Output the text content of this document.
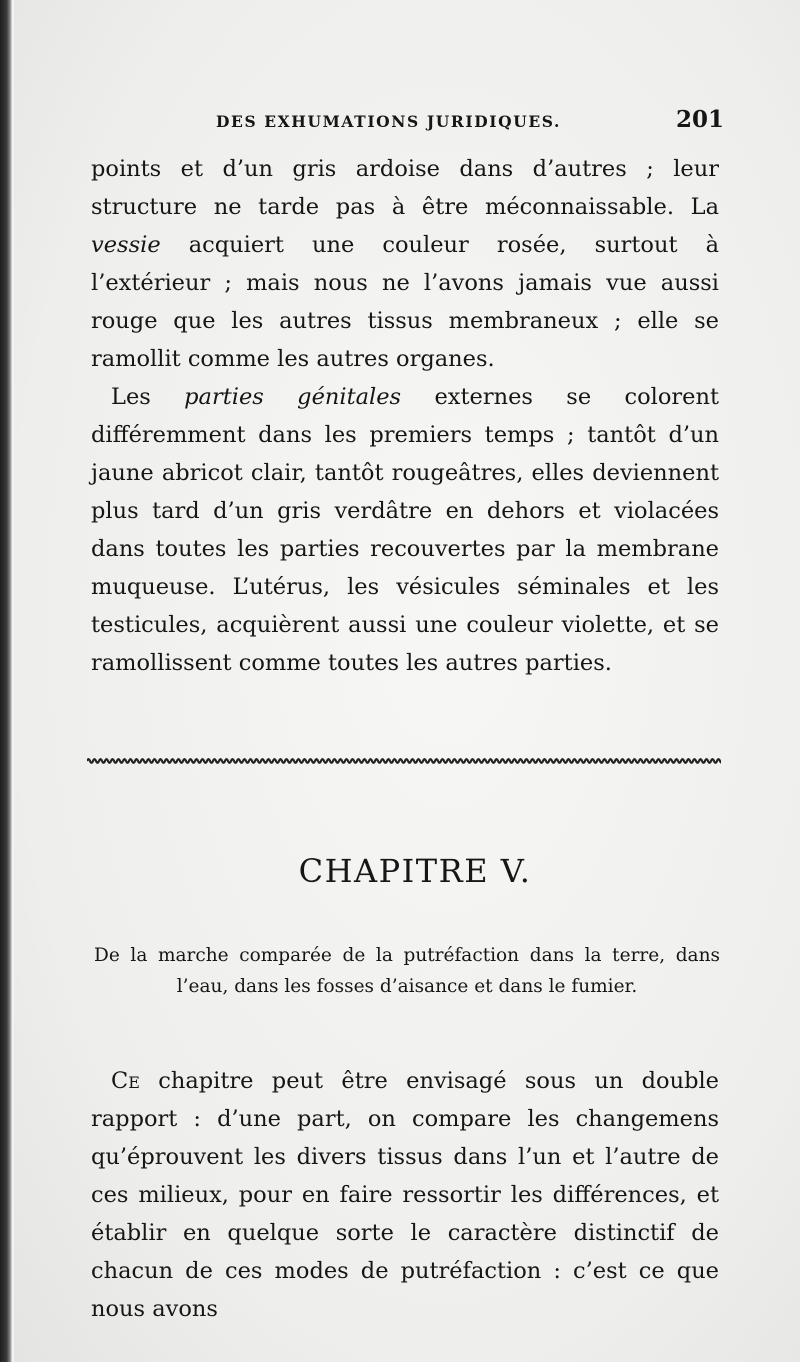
DES EXHUMATIONS JURIDIQUES.	201

points et d’un gris ardoise dans d’autres ; leur structure ne tarde pas à être méconnaissable. La vessie acquiert une couleur rosée, surtout à l’extérieur ; mais nous ne l’avons jamais vue aussi rouge que les autres tissus membraneux ; elle se ramollit comme les autres organes.

Les parties génitales externes se colorent différemment dans les premiers temps ; tantôt d’un jaune abricot clair, tantôt rougeâtres, elles deviennent plus tard d’un gris verdâtre en dehors et violacées dans toutes les parties recouvertes par la membrane muqueuse. L’utérus, les vésicules séminales et les testicules, acquièrent aussi une couleur violette, et se ramollissent comme toutes les autres parties.

CHAPITRE V.

De la marche comparée de la putréfaction dans la terre, dans l’eau, dans les fosses d’aisance et dans le fumier.

Ce chapitre peut être envisagé sous un double rapport : d’une part, on compare les changemens qu’éprouvent les divers tissus dans l’un et l’autre de ces milieux, pour en faire ressortir les différences, et établir en quelque sorte le caractère distinctif de chacun de ces modes de putréfaction : c’est ce que nous avons
